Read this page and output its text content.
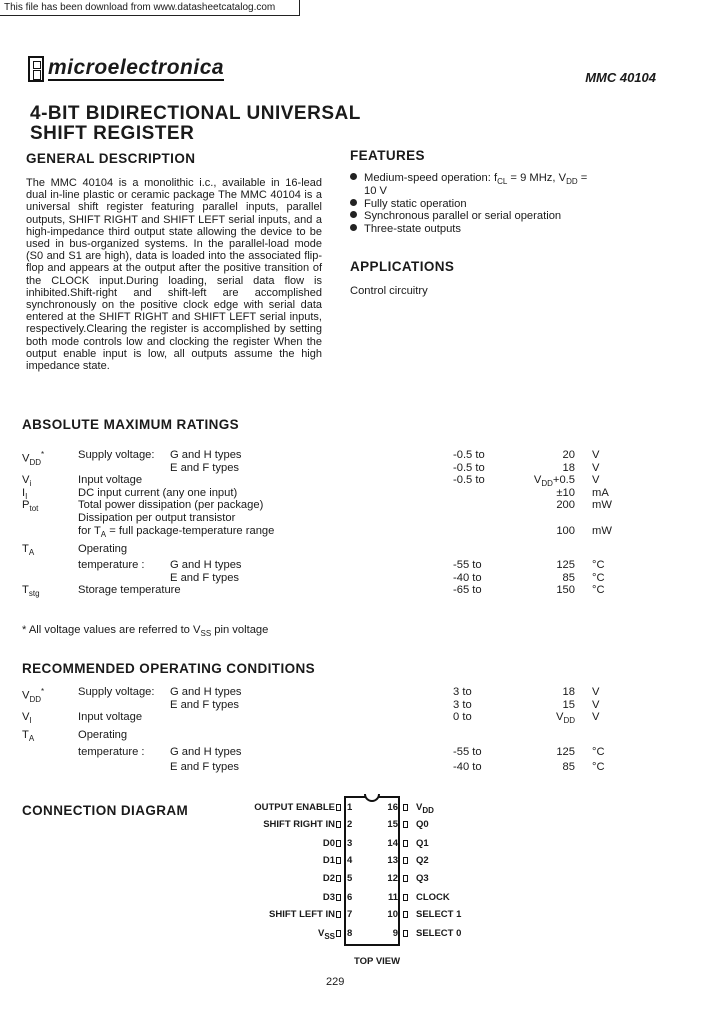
This file has been download from www.datasheetcatalog.com
microelectronica	MMC 40104
4-BIT BIDIRECTIONAL UNIVERSAL
SHIFT REGISTER
GENERAL DESCRIPTION
The MMC 40104 is a monolithic i.c., available in 16-lead dual in-line plastic or ceramic package The MMC 40104 is a universal shift register featuring parallel inputs, parallel outputs, SHIFT RIGHT and SHIFT LEFT serial inputs, and a high-impedance third output state allowing the device to be used in bus-organized systems. In the parallel-load mode (S0 and S1 are high), data is loaded into the associated flip-flop and appears at the output after the positive transition of the CLOCK input.During loading, serial data flow is inhibited.Shift-right and shift-left are accomplished synchronously on the positive clock edge with serial data entered at the SHIFT RIGHT and SHIFT LEFT serial inputs, respectively.Clearing the register is accomplished by setting both mode controls low and clocking the register When the output enable input is low, all outputs assume the high impedance state.
FEATURES
Medium-speed operation: $f_{CL} = 9$ MHz, $V_{DD}$ =
10 V
Fully static operation
Synchronous parallel or serial operation
Three-state outputs
APPLICATIONS
Control circuitry
ABSOLUTE MAXIMUM RATINGS
$V_{DD}^*$	Supply voltage: G and H types	-0.5 to	20 V
E and F types	-0.5 to	18 V
$V_i$	Input voltage	-0.5 to	$V_{DD}+0.5$ V
$I_I$	DC input current (any one input)	±10 mA
$P_{tot}$	Total power dissipation (per package)	200 mW
Dissipation per output transistor
for $T_A$ = full package-temperature range	100 mW
$T_A$	Operating
temperature : G and H types	-55 to	125 °C
E and F types	-40 to	85 °C
$T_{stg}$	Storage temperature	-65 to	150 °C
* All voltage values are referred to $V_{SS}$ pin voltage
RECOMMENDED OPERATING CONDITIONS
$V_{DD}^*$	Supply voltage: G and H types	3 to	18 V
E and F types	3 to	15 V
$V_I$	Input voltage	0 to	$V_{DD}$ V
$T_A$	Operating
temperature : G and H types	-55 to	125 °C
E and F types	-40 to	85 °C
CONNECTION DIAGRAM	OUTPUT ENABLE 1
SHIFT RIGHT IN 2
D0 3
D1 4
D2 5
D3 6
SHIFT LEFT IN 7
$V_{SS}$ 8
16 $V_{DD}$
15 Q0
14 Q1
13 Q2
12 Q3
11 CLOCK
10 SELECT 1
9 SELECT 0
TOP VIEW
229
